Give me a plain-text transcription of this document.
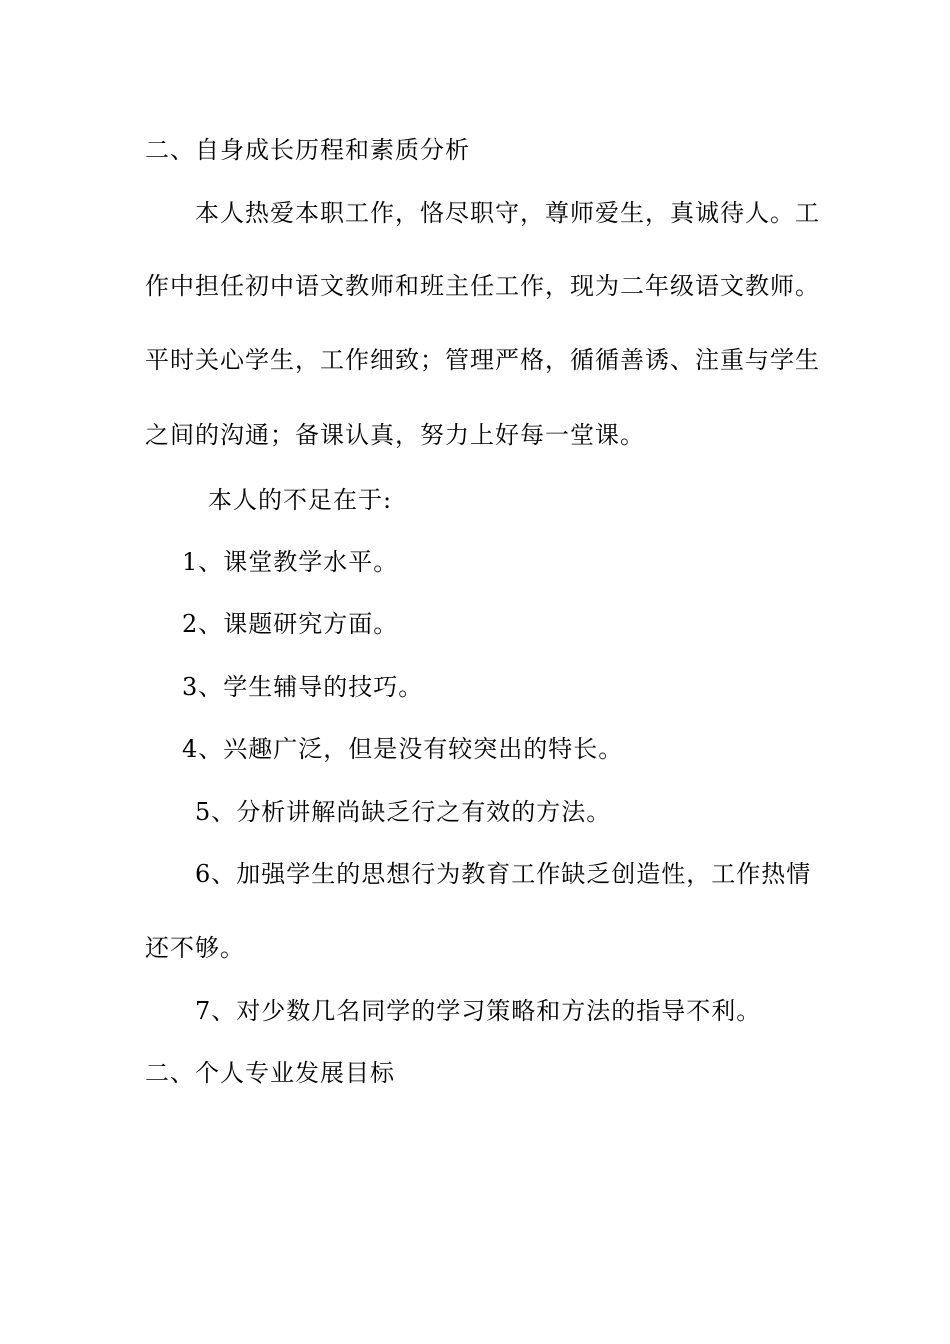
二、自身成长历程和素质分析
本人热爱本职工作，恪尽职守，尊师爱生，真诚待人。工
作中担任初中语文教师和班主任工作，现为二年级语文教师。
平时关心学生，工作细致；管理严格，循循善诱、注重与学生
之间的沟通；备课认真，努力上好每一堂课。
本人的不足在于:
1、课堂教学水平。
2、课题研究方面。
3、学生辅导的技巧。
4、兴趣广泛，但是没有较突出的特长。
5、分析讲解尚缺乏行之有效的方法。
6、加强学生的思想行为教育工作缺乏创造性，工作热情
还不够。
7、对少数几名同学的学习策略和方法的指导不利。
二、个人专业发展目标
